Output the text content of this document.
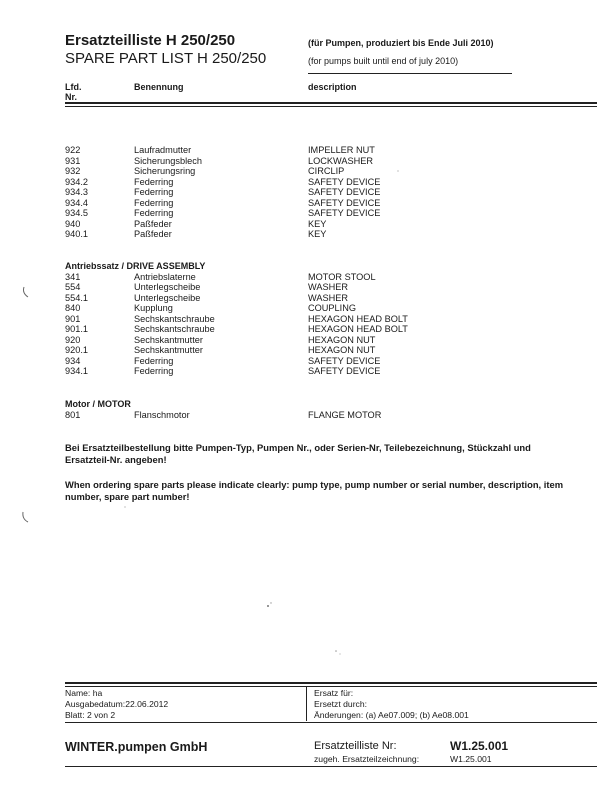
Ersatzteilliste H 250/250
SPARE PART LIST H 250/250
(für Pumpen, produziert bis Ende Juli 2010)
(for pumps built until end of july 2010)
Lfd.
Nr.
Benennung	description
922	Laufradmutter	IMPELLER NUT
931	Sicherungsblech	LOCKWASHER
932	Sicherungsring	CIRCLIP
934.2	Federring	SAFETY DEVICE
934.3	Federring	SAFETY DEVICE
934.4	Federring	SAFETY DEVICE
934.5	Federring	SAFETY DEVICE
940	Paßfeder	KEY
940.1	Paßfeder	KEY
Antriebssatz / DRIVE ASSEMBLY
341	Antriebslaterne	MOTOR STOOL
554	Unterlegscheibe	WASHER
554.1	Unterlegscheibe	WASHER
840	Kupplung	COUPLING
901	Sechskantschraube	HEXAGON HEAD BOLT
901.1	Sechskantschraube	HEXAGON HEAD BOLT
920	Sechskantmutter	HEXAGON NUT
920.1	Sechskantmutter	HEXAGON NUT
934	Federring	SAFETY DEVICE
934.1	Federring	SAFETY DEVICE
Motor / MOTOR
801	Flanschmotor	FLANGE MOTOR
Bei Ersatzteilbestellung bitte Pumpen-Typ, Pumpen Nr., oder Serien-Nr, Teilebezeichnung, Stückzahl und Ersatzteil-Nr. angeben!
When ordering spare parts please indicate clearly: pump type, pump number or serial number, description, item number, spare part number!
Name: ha
Ausgabedatum:22.06.2012
Blatt: 2 von 2
Ersatz für:
Ersetzt durch:
Änderungen: (a) Ae07.009; (b) Ae08.001
WINTER.pumpen GmbH	Ersatzteilliste Nr:	W1.25.001
zugeh. Ersatzteilzeichnung:	W1.25.001
